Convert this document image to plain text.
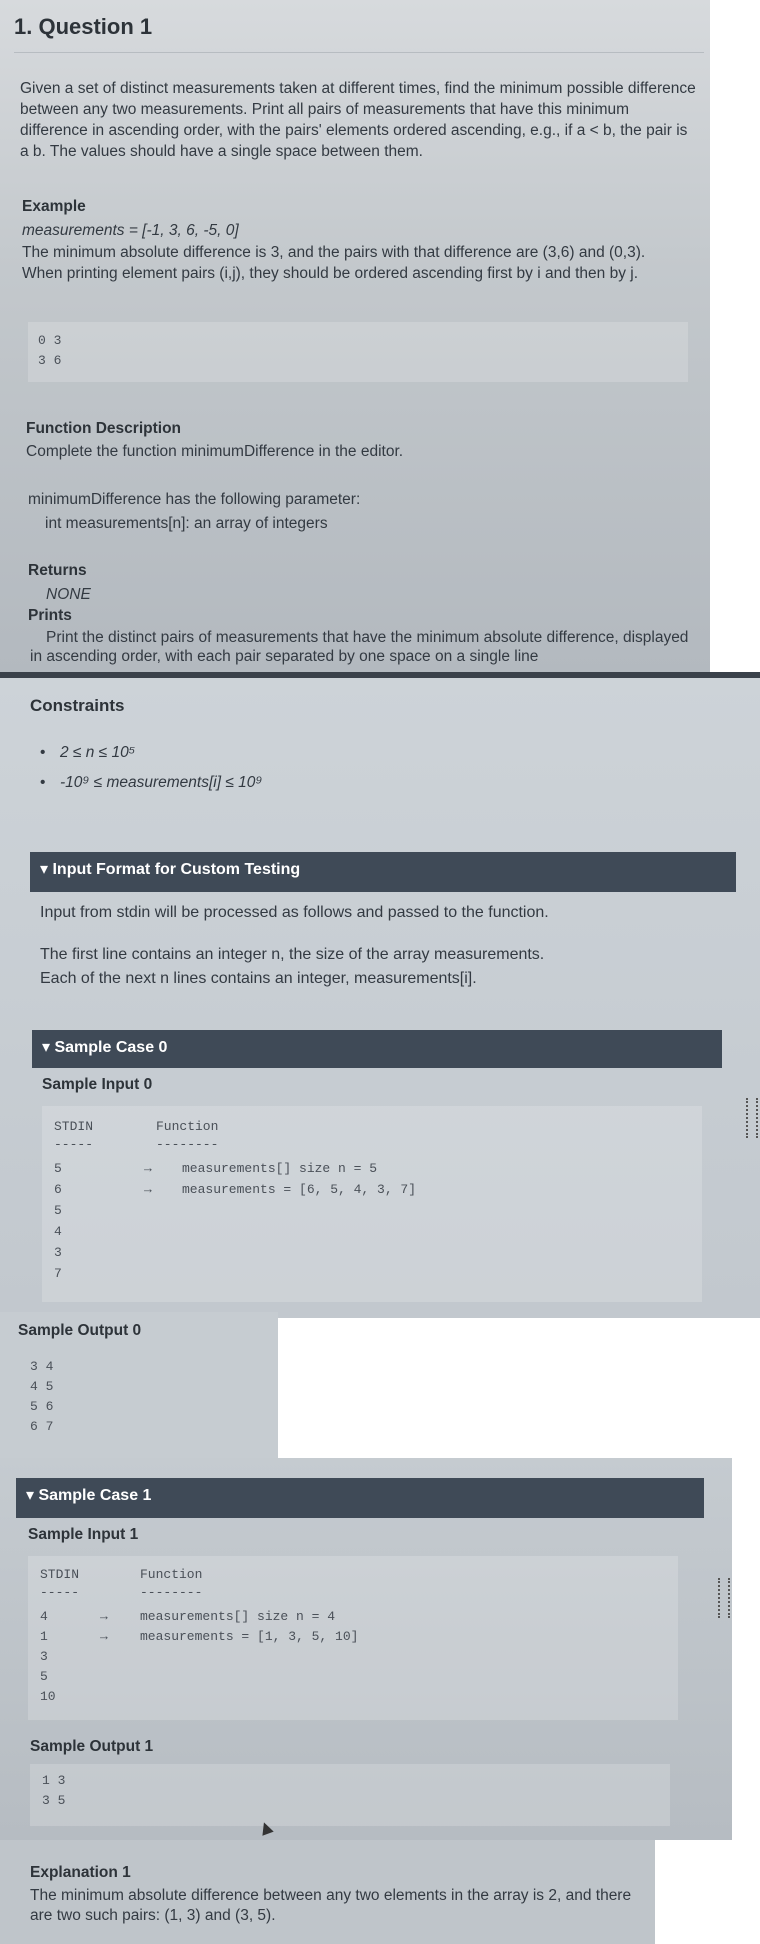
1. Question 1
Given a set of distinct measurements taken at different times, find the minimum possible difference between any two measurements. Print all pairs of measurements that have this minimum difference in ascending order, with the pairs' elements ordered ascending, e.g., if a < b, the pair is a b. The values should have a single space between them.
Example
measurements = [-1, 3, 6, -5, 0]
The minimum absolute difference is 3, and the pairs with that difference are (3,6) and (0,3). When printing element pairs (i,j), they should be ordered ascending first by i and then by j.
0 3
3 6
Function Description
Complete the function minimumDifference in the editor.
minimumDifference has the following parameter:
int measurements[n]: an array of integers
Returns
NONE
Prints
Print the distinct pairs of measurements that have the minimum absolute difference, displayed in ascending order, with each pair separated by one space on a single line
Constraints
• 2 ≤ n ≤ 10⁵
• -10⁹ ≤ measurements[i] ≤ 10⁹
▾ Input Format for Custom Testing
Input from stdin will be processed as follows and passed to the function.
The first line contains an integer n, the size of the array measurements.
Each of the next n lines contains an integer, measurements[i].
▾ Sample Case 0
Sample Input 0
STDIN
-----
Function
--------
5
6
5
4
3
7
→
→
measurements[] size n = 5
measurements = [6, 5, 4, 3, 7]
Sample Output 0
3 4
4 5
5 6
6 7
▾ Sample Case 1
Sample Input 1
STDIN
-----
Function
--------
4
1
3
5
10
→
→
measurements[] size n = 4
measurements = [1, 3, 5, 10]
Sample Output 1
1 3
3 5
Explanation 1
The minimum absolute difference between any two elements in the array is 2, and there are two such pairs: (1, 3) and (3, 5).
